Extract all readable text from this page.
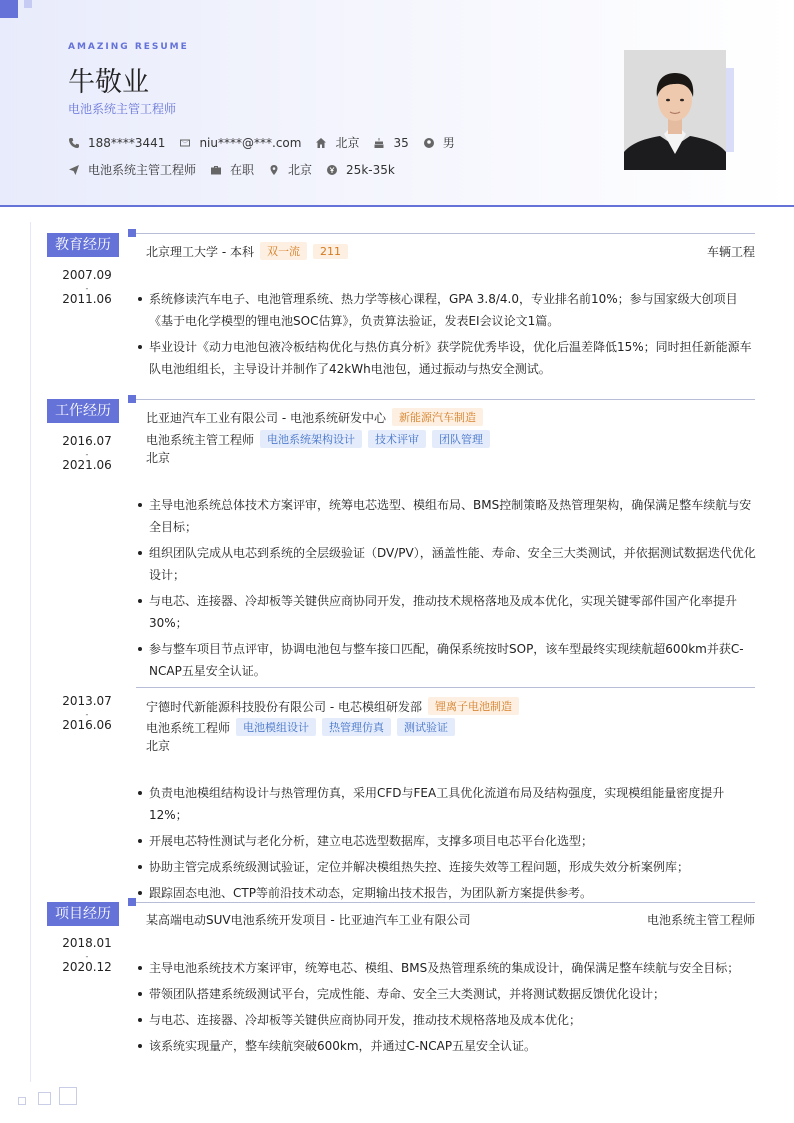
AMAZING RESUME
牛敬业
电池系统主管工程师
188****3441	niu****@***.com	北京	35	男
电池系统主管工程师	在职	北京	25k-35k
教育经历
2007.09
-
2011.06
北京理工大学 - 本科	双一流	211	车辆工程
系统修读汽车电子、电池管理系统、热力学等核心课程，GPA 3.8/4.0，专业排名前10%；参与国家级大创项目《基于电化学模型的锂电池SOC估算》，负责算法验证，发表EI会议论文1篇。
毕业设计《动力电池包液冷板结构优化与热仿真分析》获学院优秀毕设，优化后温差降低15%；同时担任新能源车队电池组组长，主导设计并制作了42kWh电池包，通过振动与热安全测试。
工作经历
2016.07
-
2021.06
比亚迪汽车工业有限公司 - 电池系统研发中心	新能源汽车制造
电池系统主管工程师	电池系统架构设计	技术评审	团队管理
北京
主导电池系统总体技术方案评审，统筹电芯选型、模组布局、BMS控制策略及热管理架构，确保满足整车续航与安全目标；
组织团队完成从电芯到系统的全层级验证（DV/PV），涵盖性能、寿命、安全三大类测试，并依据测试数据迭代优化设计；
与电芯、连接器、冷却板等关键供应商协同开发，推动技术规格落地及成本优化，实现关键零部件国产化率提升30%；
参与整车项目节点评审，协调电池包与整车接口匹配，确保系统按时SOP，该车型最终实现续航超600km并获C-NCAP五星安全认证。
2013.07
-
2016.06
宁德时代新能源科技股份有限公司 - 电芯模组研发部	锂离子电池制造
电池系统工程师	电池模组设计	热管理仿真	测试验证
北京
负责电池模组结构设计与热管理仿真，采用CFD与FEA工具优化流道布局及结构强度，实现模组能量密度提升12%；
开展电芯特性测试与老化分析，建立电芯选型数据库，支撑多项目电芯平台化选型；
协助主管完成系统级测试验证，定位并解决模组热失控、连接失效等工程问题，形成失效分析案例库；
跟踪固态电池、CTP等前沿技术动态，定期输出技术报告，为团队新方案提供参考。
项目经历
2018.01
-
2020.12
某高端电动SUV电池系统开发项目 - 比亚迪汽车工业有限公司	电池系统主管工程师
主导电池系统技术方案评审，统筹电芯、模组、BMS及热管理系统的集成设计，确保满足整车续航与安全目标；
带领团队搭建系统级测试平台，完成性能、寿命、安全三大类测试，并将测试数据反馈优化设计；
与电芯、连接器、冷却板等关键供应商协同开发，推动技术规格落地及成本优化；
该系统实现量产，整车续航突破600km，并通过C-NCAP五星安全认证。
